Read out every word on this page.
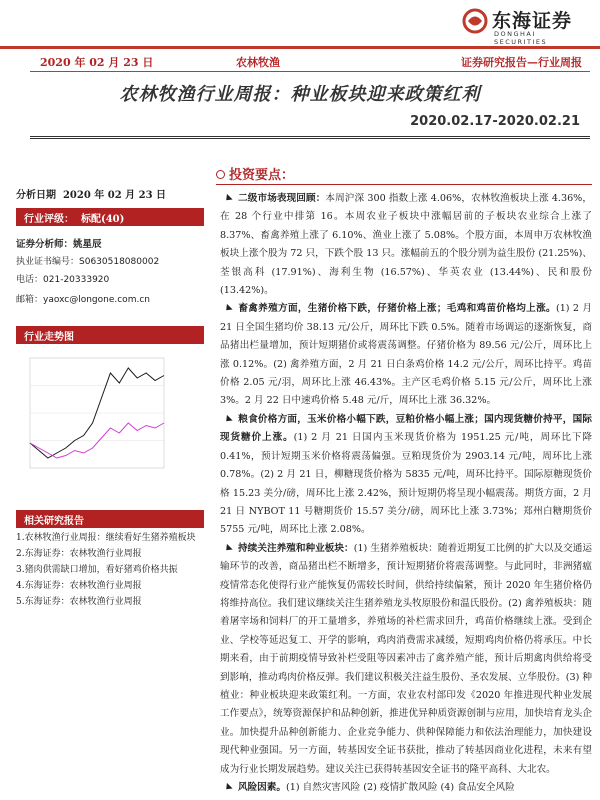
东海证券
DONGHAI SECURITIES
2020 年 02 月 23 日	农林牧渔	证券研究报告—行业周报
农林牧渔行业周报：种业板块迎来政策红利
2020.02.17-2020.02.21
分析日期 2020 年 02 月 23 日
行业评级： 标配(40)
证券分析师：姚星辰
执业证书编号：S0630518080002
电话：021-20333920
邮箱：yaoxc@longone.com.cn
行业走势图
相关研究报告
1.农林牧渔行业周报：继续看好生猪养殖板块
2.东海证券：农林牧渔行业周报
3.猪肉供需缺口增加，看好猪鸡价格共振
4.东海证券：农林牧渔行业周报
5.东海证券：农林牧渔行业周报
投资要点：
二级市场表现回顾：本周沪深 300 指数上涨 4.06%，农林牧渔板块上涨 4.36%，在 28 个行业中排第 16。本周农业子板块中涨幅居前的子板块农业综合上涨了 8.37%、畜禽养殖上涨了 6.10%、渔业上涨了 5.08%。个股方面，本周申万农林牧渔板块上涨个股为 72 只，下跌个股 13 只。涨幅前五的个股分别为益生股份 (21.25%)、荃银高科 (17.91%)、海利生物 (16.57%)、华英农业 (13.44%)、民和股份 (13.42%)。
畜禽养殖方面，生猪价格下跌，仔猪价格上涨；毛鸡和鸡苗价格均上涨。(1) 2 月 21 日全国生猪均价 38.13 元/公斤，周环比下跌 0.5%。随着市场调运的逐渐恢复，商品猪出栏量增加，预计短期猪价或将震荡调整。仔猪价格为 89.56 元/公斤，周环比上涨 0.12%。(2) 禽养殖方面，2 月 21 日白条鸡价格 14.2 元/公斤，周环比持平。鸡苗价格 2.05 元/羽，周环比上涨 46.43%。主产区毛鸡价格 5.15 元/公斤，周环比上涨 3%。2 月 22 日中速鸡价格 5.48 元/斤，周环比上涨 36.32%。
粮食价格方面，玉米价格小幅下跌，豆粕价格小幅上涨；国内现货糖价持平，国际现货糖价上涨。(1) 2 月 21 日国内玉米现货价格为 1951.25 元/吨，周环比下降 0.41%，预计短期玉米价格将震荡偏强。豆粕现货价为 2903.14 元/吨，周环比上涨 0.78%。(2) 2 月 21 日，柳糖现货价格为 5835 元/吨，周环比持平。国际原糖现货价格 15.23 美分/磅，周环比上涨 2.42%，预计短期仍将呈现小幅震荡。期货方面，2 月 21 日 NYBOT 11 号糖期货价 15.57 美分/磅，周环比上涨 3.73%；郑州白糖期货价 5755 元/吨，周环比上涨 2.08%。
持续关注养殖和种业板块：(1) 生猪养殖板块：随着近期复工比例的扩大以及交通运输环节的改善，商品猪出栏不断增多，预计短期猪价将震荡调整。与此同时，非洲猪瘟疫情常态化使得行业产能恢复仍需较长时间，供给持续偏紧，预计 2020 年生猪价格仍将维持高位。我们建议继续关注生猪养殖龙头牧原股份和温氏股份。(2) 禽养殖板块：随着屠宰场和饲料厂的开工量增多，养殖场的补栏需求回升，鸡苗价格继续上涨。受到企业、学校等延迟复工、开学的影响，鸡肉消费需求减缓，短期鸡肉价格仍将承压。中长期来看，由于前期疫情导致补栏受阻等因素冲击了禽养殖产能，预计后期禽肉供给将受到影响，推动鸡肉价格反弹。我们建议积极关注益生股份、圣农发展、立华股份。(3) 种植业：种业板块迎来政策红利。一方面，农业农村部印发《2020 年推进现代种业发展工作要点》，统筹资源保护和品种创新，推进优异种质资源创制与应用，加快培育龙头企业。加快提升品种创新能力、企业竞争能力、供种保障能力和依法治理能力，加快建设现代种业强国。另一方面，转基因安全证书获批，推动了转基因商业化进程，未来有望成为行业长期发展趋势。建议关注已获得转基因安全证书的隆平高科、大北农。
风险因素。(1) 自然灾害风险 (2) 疫情扩散风险 (4) 食品安全风险
